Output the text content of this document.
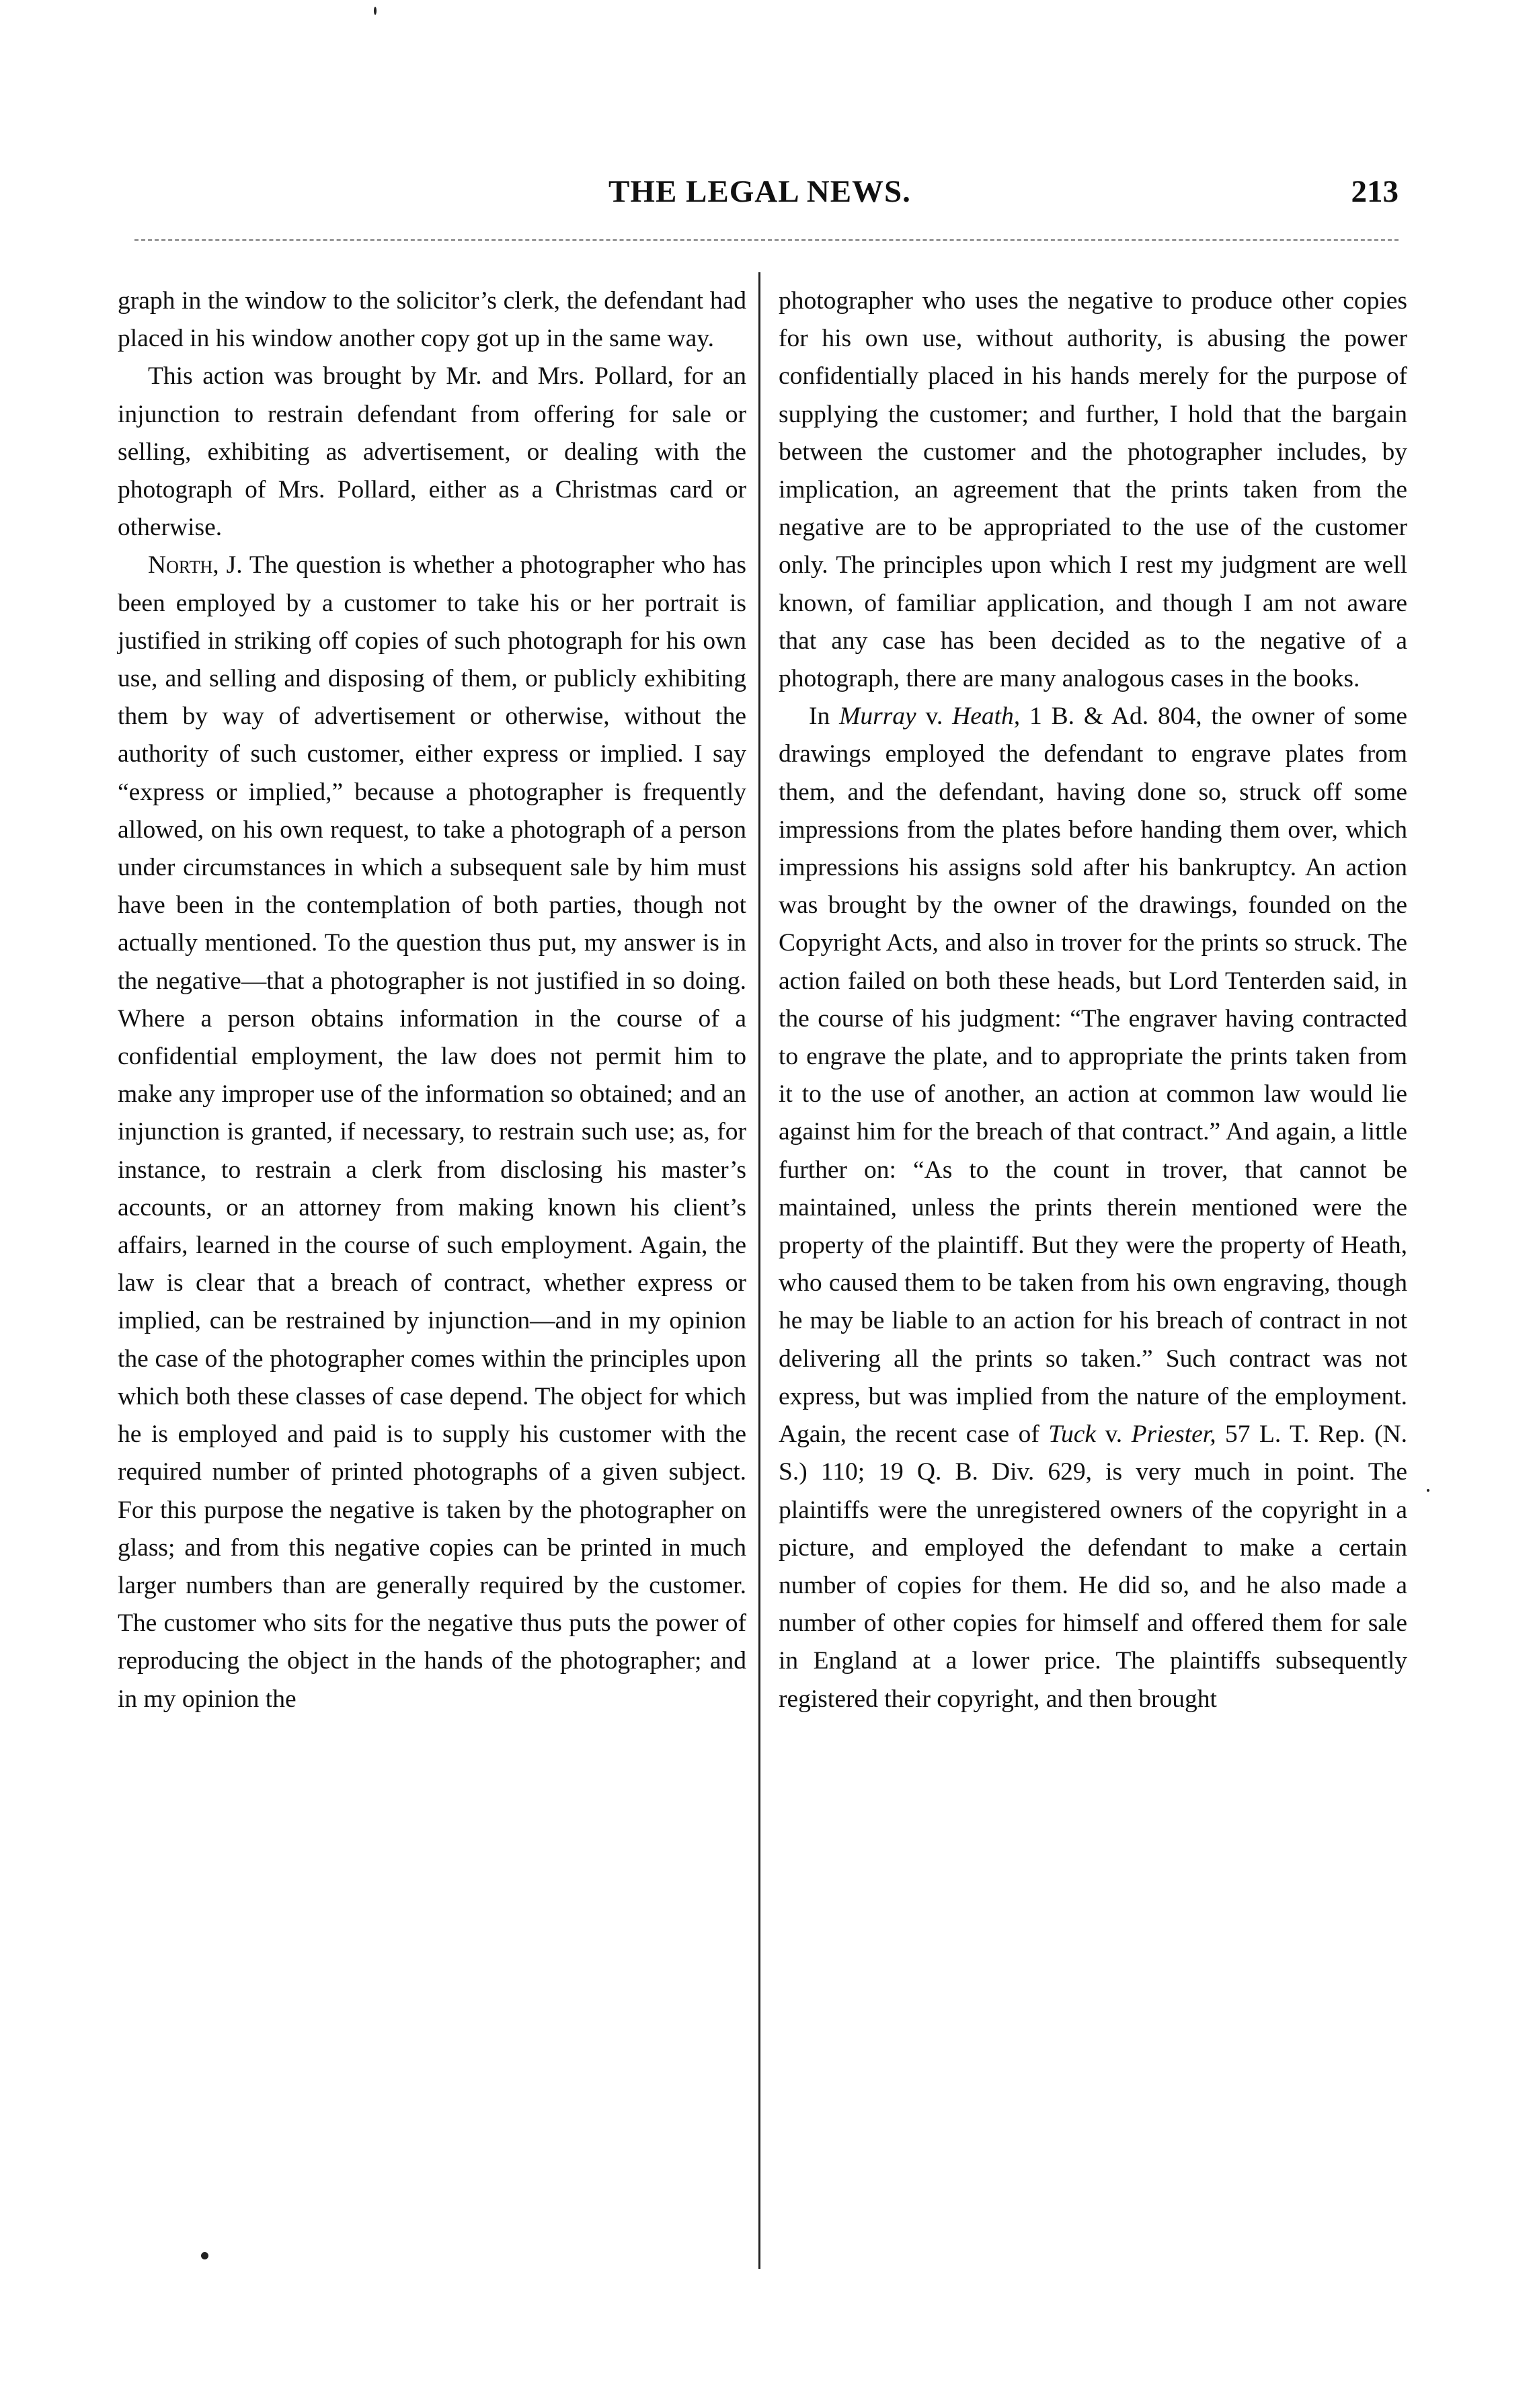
THE LEGAL NEWS.	213

graph in the window to the solicitor’s clerk, the defendant had placed in his window another copy got up in the same way.

This action was brought by Mr. and Mrs. Pollard, for an injunction to restrain defendant from offering for sale or selling, exhibiting as advertisement, or dealing with the photograph of Mrs. Pollard, either as a Christmas card or otherwise.

North, J. The question is whether a photographer who has been employed by a customer to take his or her portrait is justified in striking off copies of such photograph for his own use, and selling and disposing of them, or publicly exhibiting them by way of advertisement or otherwise, without the authority of such customer, either express or implied. I say “express or implied,” because a photographer is frequently allowed, on his own request, to take a photograph of a person under circumstances in which a subsequent sale by him must have been in the contemplation of both parties, though not actually mentioned. To the question thus put, my answer is in the negative—that a photographer is not justified in so doing. Where a person obtains information in the course of a confidential employment, the law does not permit him to make any improper use of the information so obtained; and an injunction is granted, if necessary, to restrain such use; as, for instance, to restrain a clerk from disclosing his master’s accounts, or an attorney from making known his client’s affairs, learned in the course of such employment. Again, the law is clear that a breach of contract, whether express or implied, can be restrained by injunction—and in my opinion the case of the photographer comes within the principles upon which both these classes of case depend. The object for which he is employed and paid is to supply his customer with the required number of printed photographs of a given subject. For this purpose the negative is taken by the photographer on glass; and from this negative copies can be printed in much larger numbers than are generally required by the customer. The customer who sits for the negative thus puts the power of reproducing the object in the hands of the photographer; and in my opinion the

photographer who uses the negative to produce other copies for his own use, without authority, is abusing the power confidentially placed in his hands merely for the purpose of supplying the customer; and further, I hold that the bargain between the customer and the photographer includes, by implication, an agreement that the prints taken from the negative are to be appropriated to the use of the customer only. The principles upon which I rest my judgment are well known, of familiar application, and though I am not aware that any case has been decided as to the negative of a photograph, there are many analogous cases in the books.

In Murray v. Heath, 1 B. & Ad. 804, the owner of some drawings employed the defendant to engrave plates from them, and the defendant, having done so, struck off some impressions from the plates before handing them over, which impressions his assigns sold after his bankruptcy. An action was brought by the owner of the drawings, founded on the Copyright Acts, and also in trover for the prints so struck. The action failed on both these heads, but Lord Tenterden said, in the course of his judgment: “The engraver having contracted to engrave the plate, and to appropriate the prints taken from it to the use of another, an action at common law would lie against him for the breach of that contract.” And again, a little further on: “As to the count in trover, that cannot be maintained, unless the prints therein mentioned were the property of the plaintiff. But they were the property of Heath, who caused them to be taken from his own engraving, though he may be liable to an action for his breach of contract in not delivering all the prints so taken.” Such contract was not express, but was implied from the nature of the employment. Again, the recent case of Tuck v. Priester, 57 L. T. Rep. (N. S.) 110; 19 Q. B. Div. 629, is very much in point. The plaintiffs were the unregistered owners of the copyright in a picture, and employed the defendant to make a certain number of copies for them. He did so, and he also made a number of other copies for himself and offered them for sale in England at a lower price. The plaintiffs subsequently registered their copyright, and then brought
